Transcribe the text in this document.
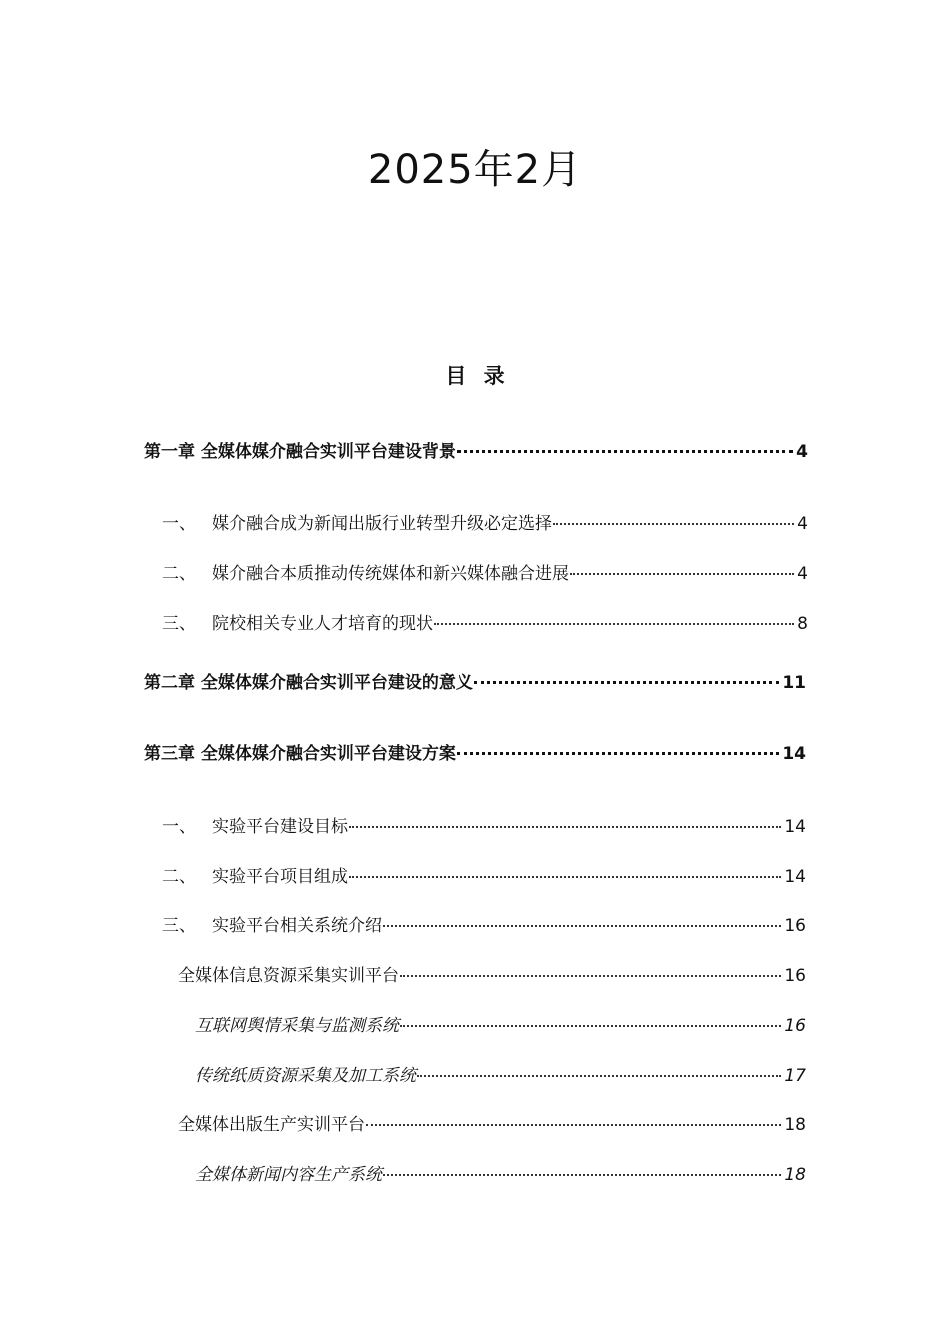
2025年2月
目 录
第一章 全媒体媒介融合实训平台建设背景	4
一、 媒介融合成为新闻出版行业转型升级必定选择	4
二、 媒介融合本质推动传统媒体和新兴媒体融合进展	4
三、 院校相关专业人才培育的现状	8
第二章 全媒体媒介融合实训平台建设的意义	11
第三章 全媒体媒介融合实训平台建设方案	14
一、 实验平台建设目标	14
二、 实验平台项目组成	14
三、 实验平台相关系统介绍	16
全媒体信息资源采集实训平台	16
互联网舆情采集与监测系统	16
传统纸质资源采集及加工系统	17
全媒体出版生产实训平台	18
全媒体新闻内容生产系统	18
